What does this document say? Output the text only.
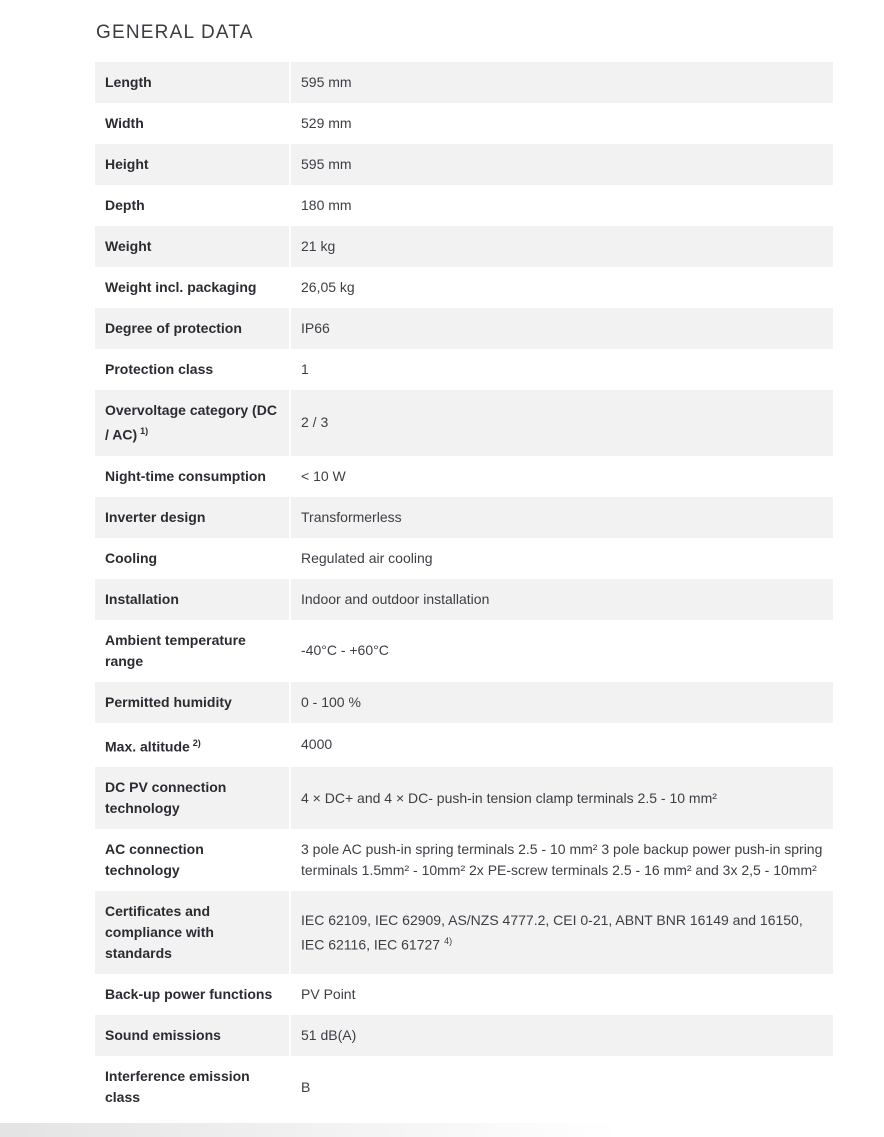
GENERAL DATA
Length	595 mm
Width	529 mm
Height	595 mm
Depth	180 mm
Weight	21 kg
Weight incl. packaging	26,05 kg
Degree of protection	IP66
Protection class	1
Overvoltage category (DC / AC) $^{1)}$	2 / 3
Night-time consumption	< 10 W
Inverter design	Transformerless
Cooling	Regulated air cooling
Installation	Indoor and outdoor installation
Ambient temperature range	-40°C - +60°C
Permitted humidity	0 - 100 %
Max. altitude $^{2)}$	4000
DC PV connection technology	4 × DC+ and 4 × DC- push-in tension clamp terminals 2.5 - 10 mm²
AC connection technology	3 pole AC push-in spring terminals 2.5 - 10 mm² 3 pole backup power push-in spring terminals 1.5mm² - 10mm² 2x PE-screw terminals 2.5 - 16 mm² and 3x 2,5 - 10mm²
Certificates and compliance with standards	IEC 62109, IEC 62909, AS/NZS 4777.2, CEI 0-21, ABNT BNR 16149 and 16150, IEC 62116, IEC 61727 $^{4)}$
Back-up power functions	PV Point
Sound emissions	51 dB(A)
Interference emission class	B
